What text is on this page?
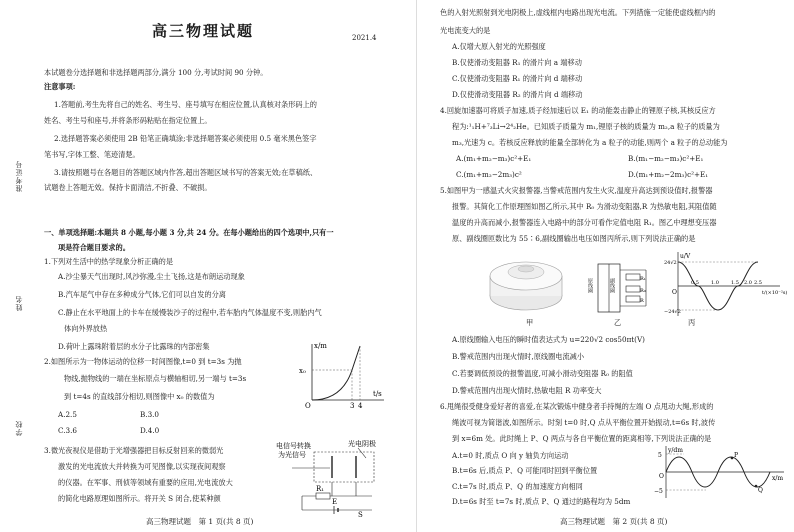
准考证号
姓名
学校
高三物理试题	2021.4
本试题卷分选择题和非选择题两部分,满分 100 分,考试时间 90 分钟。
注意事项:
1.答题前,考生先将自己的姓名、考生号、座号填写在相应位置,认真核对条形码上的
姓名、考生号和座号,并将条形码粘贴在指定位置上。
2.选择题答案必须使用 2B 铅笔正确填涂;非选择题答案必须使用 0.5 毫米黑色签字
笔书写,字体工整、笔迹清楚。
3.请按照题号在各题目的答题区域内作答,超出答题区域书写的答案无效;在草稿纸、
试题卷上答题无效。保持卡面清洁,不折叠、不破损。
一、单项选择题:本题共 8 小题,每小题 3 分,共 24 分。在每小题给出的四个选项中,只有一
项是符合题目要求的。
1.下列对生活中的热学现象分析正确的是
A.沙尘暴天气出现时,风沙弥漫,尘土飞扬,这是布朗运动现象
B.汽车尾气中存在多种成分气体,它们可以自发的分离
C.静止在水平地面上的卡车在缓慢装沙子的过程中,若车胎内气体温度不变,则胎内气
体向外界放热
D.荷叶上露珠附着层的水分子比露珠的内部密集
2.如图所示为一物体运动的位移一时间图像,t=0 到 t=3s 为抛
物线,抛物线的一端在坐标原点与横轴相切,另一端与 t=3s
到 t=4s 的直线部分相切,则图像中 x₀ 的数值为
A.2.5	B.3.0
C.3.6	D.4.0
x/m
t/s
O
x₀
3 4
3.微光夜视仪是借助于光增强器把目标反射回来的微弱光
激发的光电流放大并转换为可见图像,以实现夜间观察
的仪器。在军事、刑侦等领域有重要的应用,光电流放大
的简化电路原理如图所示。将开关 S 闭合,使某种颜
电信号转换
为光信号
光电阴极
R₁
E
S
高三物理试题　第 1 页(共 8 页)
色的入射光照射到光电阴极上,虚线框内电路出现光电流。下列措施一定能使虚线框内的
光电流变大的是
A.仅增大原入射光的光照强度
B.仅使滑动变阻器 R₁ 的滑片向 a 端移动
C.仅使滑动变阻器 R₁ 的滑片向 d 端移动
D.仅使滑动变阻器 R₂ 的滑片向 d 端移动
4.回旋加速器可将质子加速,质子经加速后以 E₁ 的动能轰击静止的锂原子核,其核反应方
程为:¹₁H+⁷₃Li→2⁴₂He。已知质子质量为 m₁,锂原子核的质量为 m₂,a 粒子的质量为
m₃,光速为 c。若核反应释放的能量全部转化为 a 粒子的动能,则两个 a 粒子的总动能为
A.(m₁+m₂−m₃)c²+E₁	B.(m₁−m₂−m₃)c²+E₁
C.(m₁+m₂−2m₃)c²	D.(m₁+m₂−2m₃)c²+E₁
5.如图甲为一感温式火灾报警器,当警戒范围内发生火灾,温度升高达到预设值时,报警器
报警。其简化工作原理图如图乙所示,其中 R₀ 为滑动变阻器,R 为热敏电阻,其阻值随
温度的升高而减小,报警器连入电路中的部分可看作定值电阻 R₁。图乙中理想变压器
原、副线圈匝数比为 55∶6,副线圈输出电压如图丙所示,则下列说法正确的是
甲
原线圈	副线圈	R₁
R₀
R
乙
u/V
24√2
−24√2
O
0.5 1.0 1.5 2.0 2.5
t/(×10⁻²s)
丙
A.原线圈输入电压的瞬时值表达式为 u=220√2 cos50πt(V)
B.警戒范围内出现火情时,原线圈电流减小
C.若要调低预设的报警温度,可减小滑动变阻器 R₀ 的阻值
D.警戒范围内出现火情时,热敏电阻 R 功率变大
6.甩绳很受健身爱好者的喜爱,在某次锻炼中健身者手持绳的左端 O 点甩动大绳,形成的
绳波可视为简谐波,如图所示。时刻 t=0 时,Q 点从平衡位置开始振动,t=6s 时,波传
到 x=6m 处。此时绳上 P、Q 两点与各自平衡位置的距离相等,下列说法正确的是
A.t=0 时,质点 O 向 y 轴负方向运动
B.t=6s 后,质点 P、Q 可能同时回到平衡位置
C.t=7s 时,质点 P、Q 的加速度方向相同
D.t=6s 时至 t=7s 时,质点 P、Q 通过的路程均为 5dm
y/dm
5
−5
O
P
Q
x/m
高三物理试题　第 2 页(共 8 页)
